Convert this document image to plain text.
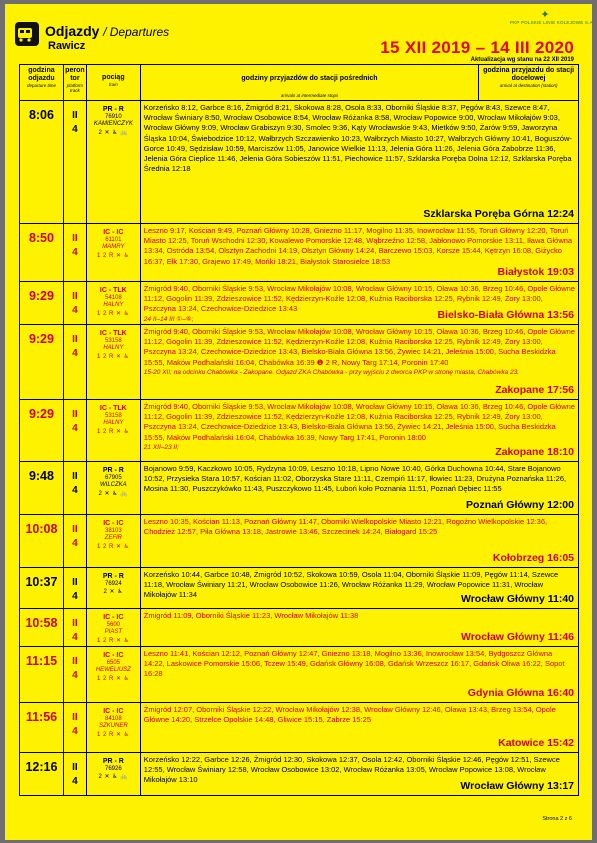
Odjazdy / Departures
Rawicz
✦
PKP POLSKIE LINIE KOLEJOWE S.A.
15 XII 2019 – 14 III 2020
Aktualizacja wg stanu na 22 XII 2019
godzina odjazdu
departure time
peron tor
platform track
pociąg
train
godziny przyjazdów do stacji pośrednich
arrivals at intermediate stops
godzina przyjazdu do stacji docelowej
arrival at destination (station)
8:06	II
4
PR - R
76910
KAMIEŃCZYK
2 ✕ ♿ 🚲
Korzeńsko 8:12, Garbce 8:16, Żmigród 8:21, Skokowa 8:28, Osola 8:33, Oborniki Śląskie 8:37, Pęgów 8:43, Szewce 8:47, Wrocław Świniary 8:50, Wrocław Osobowice 8:54, Wrocław Różanka 8:58, Wrocław Popowice 9:00, Wrocław Mikołajów 9:03, Wrocław Główny 9:09, Wrocław Grabiszyn 9:30, Smolec 9:36, Kąty Wrocławskie 9:43, Mietków 9:50, Żarów 9:59, Jaworzyna Śląska 10:04, Świebodzice 10:12, Wałbrzych Szczawienko 10:23, Wałbrzych Miasto 10:27, Wałbrzych Główny 10:41, Boguszów-Gorce 10:49, Sędzisław 10:59, Marciszów 11:05, Janowice Wielkie 11:13, Jelenia Góra 11:26, Jelenia Góra Zabobrze 11:36, Jelenia Góra Cieplice 11:46, Jelenia Góra Sobieszów 11:51, Piechowice 11:57, Szklarska Poręba Dolna 12:12, Szklarska Poręba Średnia 12:18
Szklarska Poręba Górna 12:24
8:50	II
4
IC - IC
61101
MAMRY
1 2 R ✕ ♿
Leszno 9:17, Kościan 9:49, Poznań Główny 10:28, Gniezno 11:17, Mogilno 11:35, Inowrocław 11:55, Toruń Główny 12:20, Toruń Miasto 12:25, Toruń Wschodni 12:30, Kowalewo Pomorskie 12:48, Wąbrzeźno 12:58, Jabłonowo Pomorskie 13:11, Iława Główna 13:34, Ostróda 13:54, Olsztyn Zachodni 14:19, Olsztyn Główny 14:24, Barczewo 15:03, Korsze 15:44, Kętrzyn 16:08, Giżycko 16:37, Ełk 17:30, Grajewo 17:49, Mońki 18:21, Białystok Starosielce 18:53
Białystok 19:03
9:29	II
4
IC - TLK
54108
HALNY
1 2 R ✕ ♿
Żmigród 9:40, Oborniki Śląskie 9:53, Wrocław Mikołajów 10:08, Wrocław Główny 10:15, Oława 10:36, Brzeg 10:46, Opole Główne 11:12, Gogolin 11:39, Zdzieszowice 11:52, Kędzierzyn-Koźle 12:08, Kuźnia Raciborska 12:25, Rybnik 12:49, Żory 13:00, Pszczyna 13:24, Czechowice-Dziedzice 13:43
24 II–14 III ①–⑥;	Bielsko-Biała Główna 13:56
9:29	II
4
IC - TLK
53158
HALNY
1 2 R ✕ ♿
Żmigród 9:40, Oborniki Śląskie 9:53, Wrocław Mikołajów 10:08, Wrocław Główny 10:15, Oława 10:36, Brzeg 10:46, Opole Główne 11:12, Gogolin 11:39, Zdzieszowice 11:52, Kędzierzyn-Koźle 12:08, Kuźnia Raciborska 12:25, Rybnik 12:49, Żory 13:00, Pszczyna 13:24, Czechowice-Dziedzice 13:43, Bielsko-Biała Główna 13:56, Żywiec 14:21, Jeleśnia 15:00, Sucha Beskidzka 15:55, Maków Podhalański 16:04, Chabówka 16:39 ❶ 2 R, Nowy Targ 17:14, Poronin 17:40
15-20 XII; na odcinku Chabówka - Zakopane. Odjazd ZKA Chabówka - przy wyjściu z dworca PKP w stronę miasta, Chabówka 23.
Zakopane 17:56
9:29	II
4
IC - TLK
53158
HALNY
1 2 R ✕ ♿
Żmigród 9:40, Oborniki Śląskie 9:53, Wrocław Mikołajów 10:08, Wrocław Główny 10:15, Oława 10:36, Brzeg 10:46, Opole Główne 11:12, Gogolin 11:39, Zdzieszowice 11:52, Kędzierzyn-Koźle 12:08, Kuźnia Raciborska 12:25, Rybnik 12:49, Żory 13:00, Pszczyna 13:24, Czechowice-Dziedzice 13:43, Bielsko-Biała Główna 13:56, Żywiec 14:21, Jeleśnia 15:00, Sucha Beskidzka 15:55, Maków Podhalański 16:04, Chabówka 16:39, Nowy Targ 17:41, Poronin 18:00
21 XII–23 II;	Zakopane 18:10
9:48	II
4
PR - R
67905
WILCZKA
2 ✕ ♿ 🚲
Bojanowo 9:59, Kaczkowo 10:05, Rydzyna 10:09, Leszno 10:18, Lipno Nowe 10:40, Górka Duchowna 10:44, Stare Bojanowo 10:52, Przysieka Stara 10:57, Kościan 11:02, Oborzyska Stare 11:11, Czempiń 11:17, Iłowiec 11:23, Drużyna Poznańska 11:26, Mosina 11:30, Puszczykówko 11:43, Puszczykowo 11:45, Luboń koło Poznania 11:51, Poznań Dębiec 11:55
Poznań Główny 12:00
10:08	II
4
IC - IC
38103
ZEFIR
1 2 R ✕ ♿
Leszno 10:35, Kościan 11:13, Poznań Główny 11:47, Oborniki Wielkopolskie Miasto 12:21, Rogoźno Wielkopolskie 12:36, Chodzież 12:57, Piła Główna 13:18, Jastrowie 13:46, Szczecinek 14:24, Białogard 15:25
Kołobrzeg 16:05
10:37	II
4
PR - R
76924
2 ✕ ♿
Korzeńsko 10:44, Garbce 10:48, Żmigród 10:52, Skokowa 10:59, Osola 11:04, Oborniki Śląskie 11:09, Pęgów 11:14, Szewce 11:18, Wrocław Świniary 11:21, Wrocław Osobowice 11:26, Wrocław Różanka 11:29, Wrocław Popowice 11:31, Wrocław Mikołajów 11:34	Wrocław Główny 11:40
10:58	II
4
IC - IC
5600
PIAST
1 2 R ✕ ♿
Żmigród 11:09, Oborniki Śląskie 11:23, Wrocław Mikołajów 11:38
Wrocław Główny 11:46
11:15	II
4
IC - IC
6505
HEWELIUSZ
1 2 R ✕ ♿
Leszno 11:41, Kościan 12:12, Poznań Główny 12:47, Gniezno 13:18, Mogilno 13:36, Inowrocław 13:54, Bydgoszcz Główna 14:22, Laskowice Pomorskie 15:06, Tczew 15:49, Gdańsk Główny 16:08, Gdańsk Wrzeszcz 16:17, Gdańsk Oliwa 16:22, Sopot 16:28
Gdynia Główna 16:40
11:56	II
4
IC - IC
84108
SZKUNER
1 2 R ✕ ♿
Żmigród 12:07, Oborniki Śląskie 12:22, Wrocław Mikołajów 12:38, Wrocław Główny 12:46, Oława 13:43, Brzeg 13:54, Opole Główne 14:20, Strzelce Opolskie 14:48, Gliwice 15:15, Zabrze 15:25
Katowice 15:42
12:16	II
4
PR - R
76926
2 ✕ ♿ 🚲
Korzeńsko 12:22, Garbce 12:26, Żmigród 12:30, Skokowa 12:37, Osola 12:42, Oborniki Śląskie 12:46, Pęgów 12:51, Szewce 12:55, Wrocław Świniary 12:58, Wrocław Osobowice 13:02, Wrocław Różanka 13:05, Wrocław Popowice 13:08, Wrocław Mikołajów 13:10
Wrocław Główny 13:17
Strona 2 z 6
